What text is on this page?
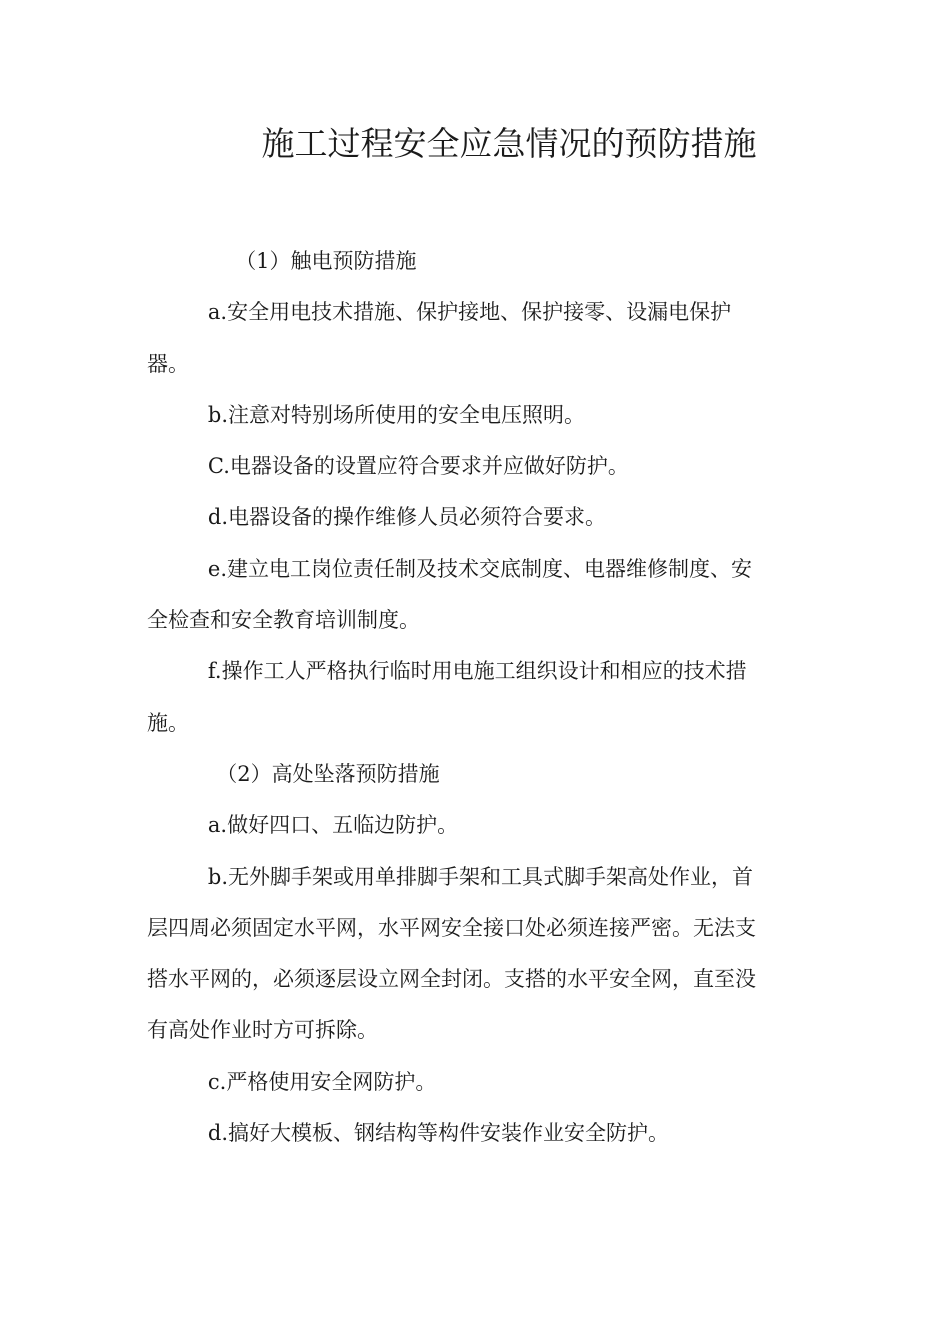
施工过程安全应急情况的预防措施

（1）触电预防措施

a.安全用电技术措施、保护接地、保护接零、设漏电保护
器。

b.注意对特别场所使用的安全电压照明。

C.电器设备的设置应符合要求并应做好防护。

d.电器设备的操作维修人员必须符合要求。

e.建立电工岗位责任制及技术交底制度、电器维修制度、安
全检查和安全教育培训制度。

f.操作工人严格执行临时用电施工组织设计和相应的技术措
施。

（2）高处坠落预防措施

a.做好四口、五临边防护。

b.无外脚手架或用单排脚手架和工具式脚手架高处作业，首
层四周必须固定水平网，水平网安全接口处必须连接严密。无法支
搭水平网的，必须逐层设立网全封闭。支搭的水平安全网，直至没
有高处作业时方可拆除。

c.严格使用安全网防护。

d.搞好大模板、钢结构等构件安装作业安全防护。
